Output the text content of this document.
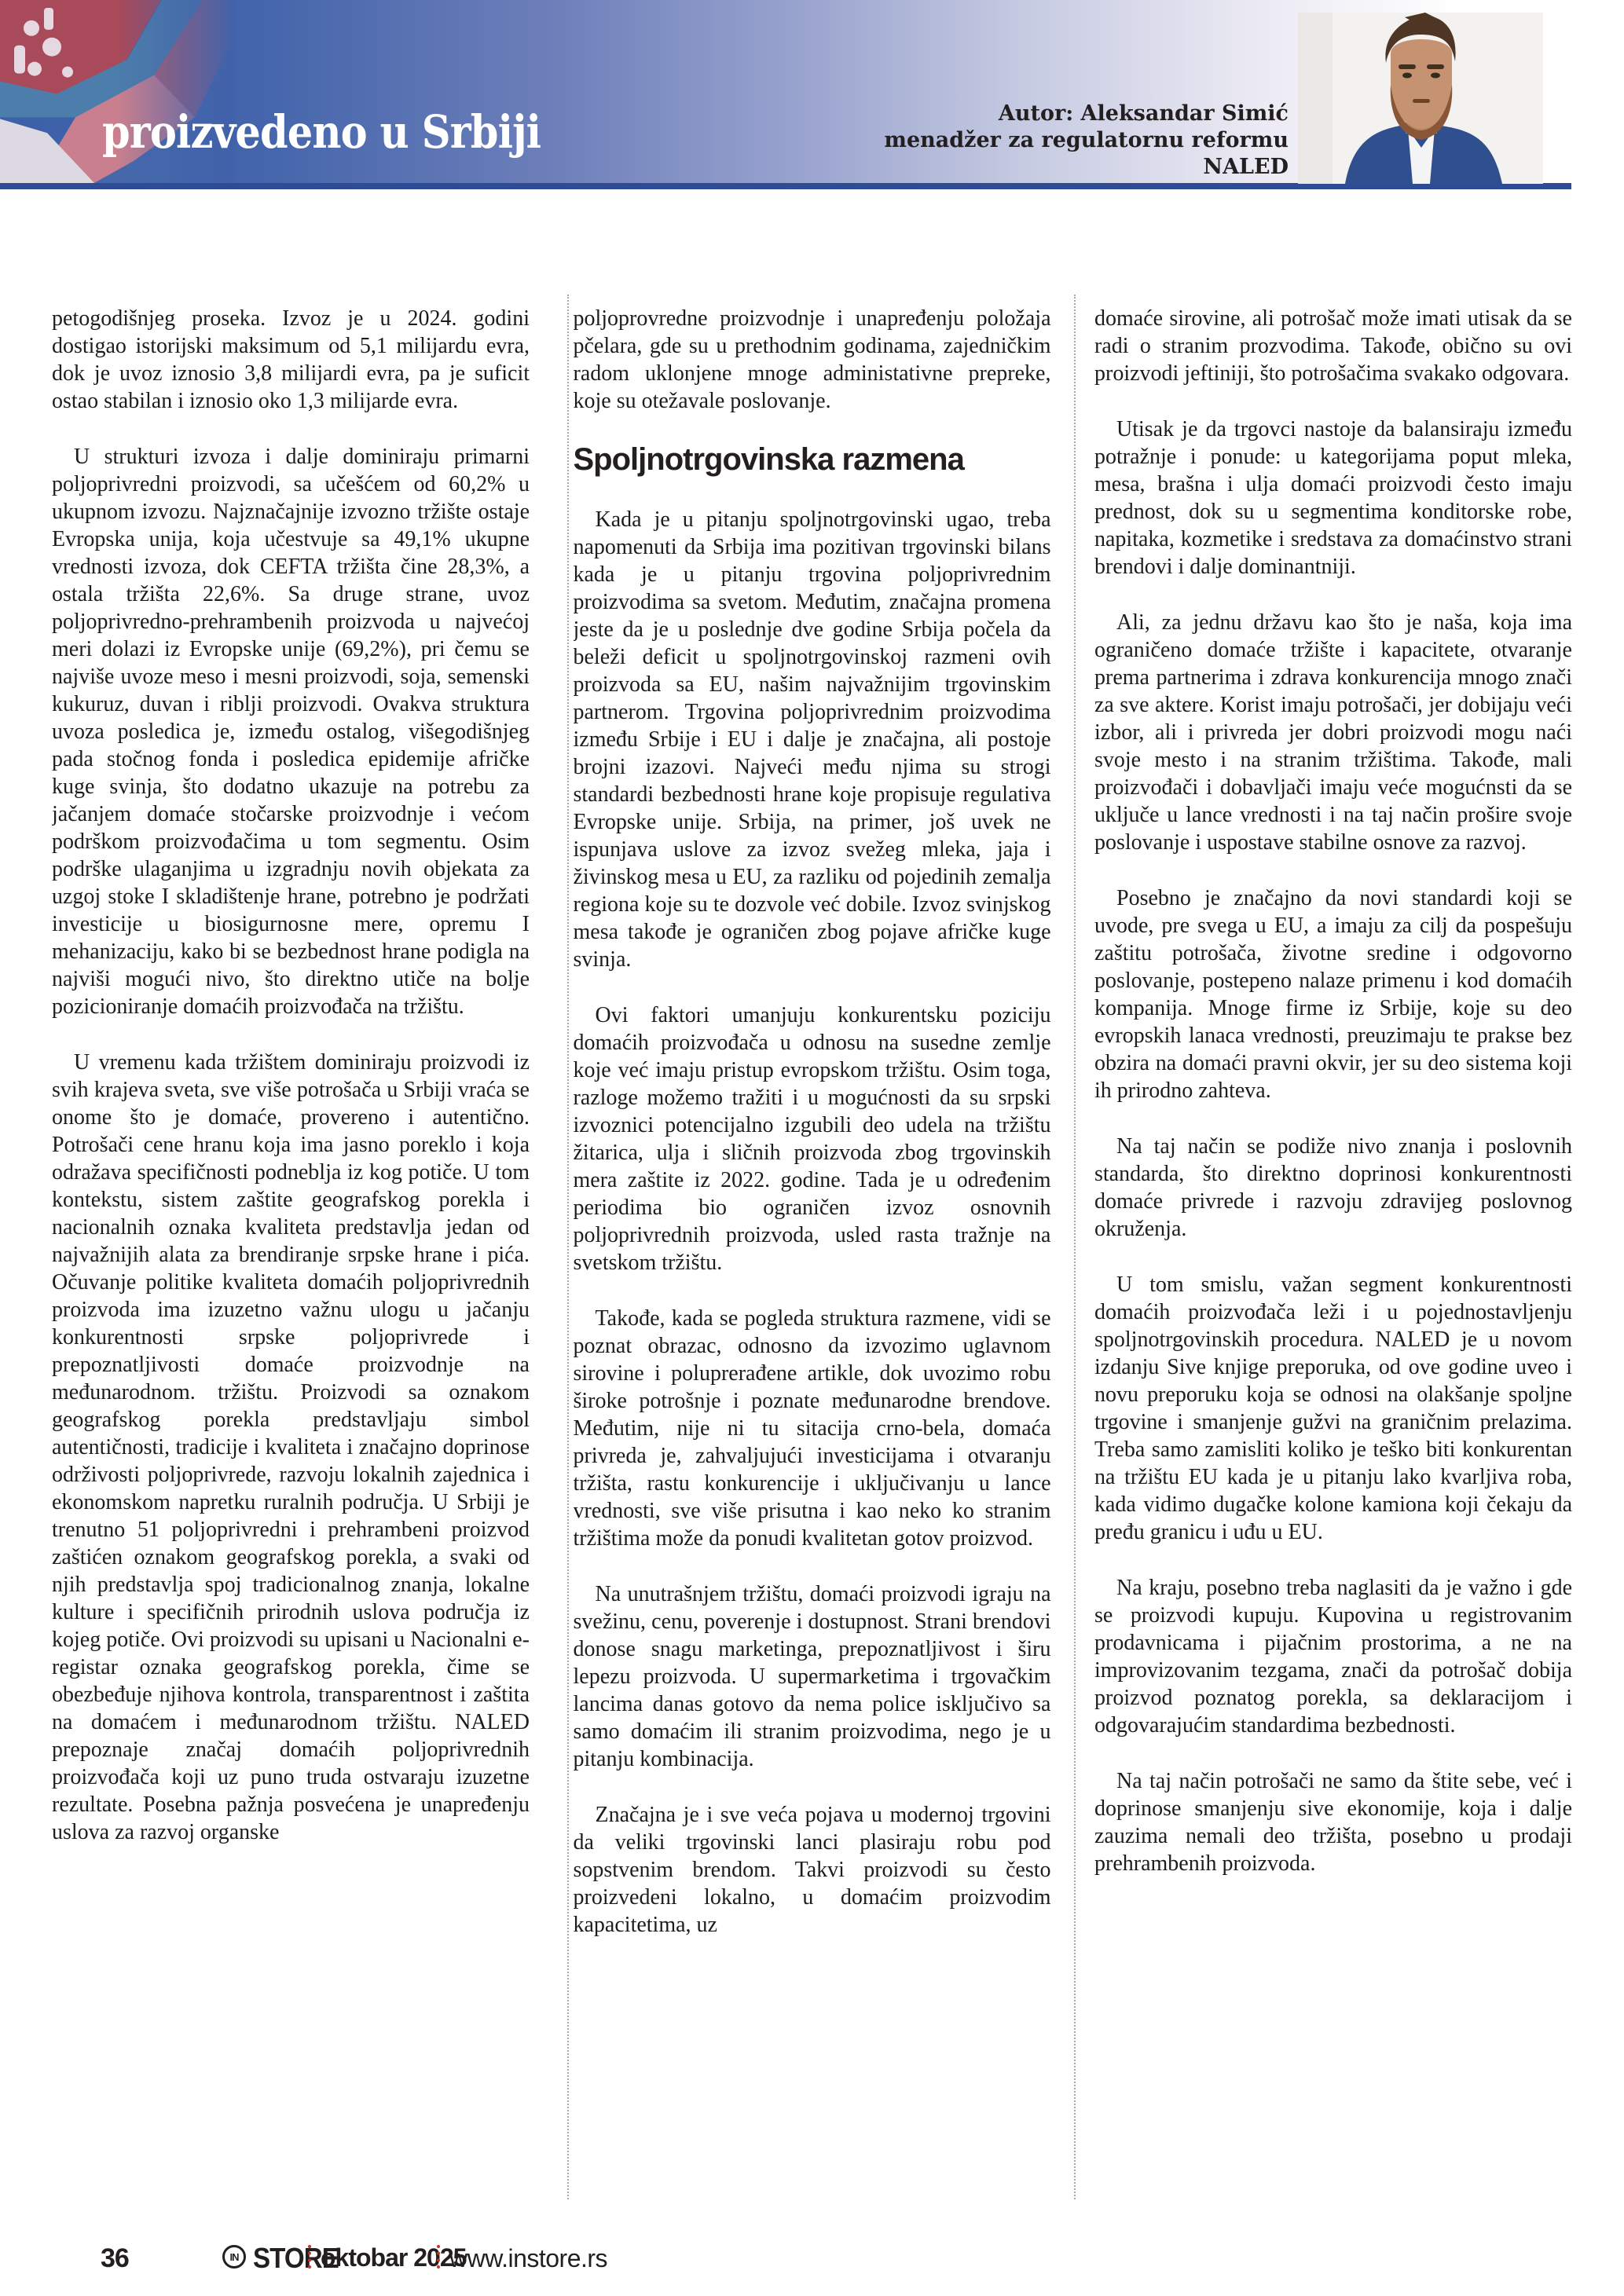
proizvedeno u Srbiji	Autor: Aleksandar Simić
menadžer za regulatornu reformu
NALED

petogodišnjeg proseka. Izvoz je u 2024. godini dostigao istorijski maksimum od 5,1 milijardu evra, dok je uvoz iznosio 3,8 milijardi evra, pa je suficit ostao stabilan i iznosio oko 1,3 milijarde evra.

U strukturi izvoza i dalje dominiraju primarni poljoprivredni proizvodi, sa učešćem od 60,2% u ukupnom izvozu. Najznačajnije izvozno tržište ostaje Evropska unija, koja učestvuje sa 49,1% ukupne vrednosti izvoza, dok CEFTA tržišta čine 28,3%, a ostala tržišta 22,6%. Sa druge strane, uvoz poljoprivredno-prehrambenih proizvoda u najvećoj meri dolazi iz Evropske unije (69,2%), pri čemu se najviše uvoze meso i mesni proizvodi, soja, semenski kukuruz, duvan i riblji proizvodi. Ovakva struktura uvoza posledica je, između ostalog, višegodišnjeg pada stočnog fonda i posledica epidemije afričke kuge svinja, što dodatno ukazuje na potrebu za jačanjem domaće stočarske proizvodnje i većom podrškom proizvođačima u tom segmentu. Osim podrške ulaganjima u izgradnju novih objekata za uzgoj stoke I skladištenje hrane, potrebno je podržati investicije u biosigurnosne mere, opremu I mehanizaciju, kako bi se bezbednost hrane podigla na najviši mogući nivo, što direktno utiče na bolje pozicioniranje domaćih proizvođača na tržištu.

U vremenu kada tržištem dominiraju proizvodi iz svih krajeva sveta, sve više potrošača u Srbiji vraća se onome što je domaće, provereno i autentično. Potrošači cene hranu koja ima jasno poreklo i koja odražava specifičnosti podneblja iz kog potiče. U tom kontekstu, sistem zaštite geografskog porekla i nacionalnih oznaka kvaliteta predstavlja jedan od najvažnijih alata za brendiranje srpske hrane i pića. Očuvanje politike kvaliteta domaćih poljoprivrednih proizvoda ima izuzetno važnu ulogu u jačanju konkurentnosti srpske poljoprivrede i prepoznatljivosti domaće proizvodnje na međunarodnom. tržištu. Proizvodi sa oznakom geografskog porekla predstavljaju simbol autentičnosti, tradicije i kvaliteta i značajno doprinose održivosti poljoprivrede, razvoju lokalnih zajednica i ekonomskom napretku ruralnih područja. U Srbiji je trenutno 51 poljoprivredni i prehrambeni proizvod zaštićen oznakom geografskog porekla, a svaki od njih predstavlja spoj tradicionalnog znanja, lokalne kulture i specifičnih prirodnih uslova područja iz kojeg potiče. Ovi proizvodi su upisani u Nacionalni e-registar oznaka geografskog porekla, čime se obezbeđuje njihova kontrola, transparentnost i zaštita na domaćem i međunarodnom tržištu. NALED prepoznaje značaj domaćih poljoprivrednih proizvođača koji uz puno truda ostvaraju izuzetne rezultate. Posebna pažnja posvećena je unapređenju uslova za razvoj organske

poljoprovredne proizvodnje i unapređenju položaja pčelara, gde su u prethodnim godinama, zajedničkim radom uklonjene mnoge administativne prepreke, koje su otežavale poslovanje.

Spoljnotrgovinska razmena

Kada je u pitanju spoljnotrgovinski ugao, treba napomenuti da Srbija ima pozitivan trgovinski bilans kada je u pitanju trgovina poljoprivrednim proizvodima sa svetom. Međutim, značajna promena jeste da je u poslednje dve godine Srbija počela da beleži deficit u spoljnotrgovinskoj razmeni ovih proizvoda sa EU, našim najvažnijim trgovinskim partnerom. Trgovina poljoprivrednim proizvodima između Srbije i EU i dalje je značajna, ali postoje brojni izazovi. Najveći među njima su strogi standardi bezbednosti hrane koje propisuje regulativa Evropske unije. Srbija, na primer, još uvek ne ispunjava uslove za izvoz svežeg mleka, jaja i živinskog mesa u EU, za razliku od pojedinih zemalja regiona koje su te dozvole već dobile. Izvoz svinjskog mesa takođe je ograničen zbog pojave afričke kuge svinja.

Ovi faktori umanjuju konkurentsku poziciju domaćih proizvođača u odnosu na susedne zemlje koje već imaju pristup evropskom tržištu. Osim toga, razloge možemo tražiti i u mogućnosti da su srpski izvoznici potencijalno izgubili deo udela na tržištu žitarica, ulja i sličnih proizvoda zbog trgovinskih mera zaštite iz 2022. godine. Tada je u određenim periodima bio ograničen izvoz osnovnih poljoprivrednih proizvoda, usled rasta tražnje na svetskom tržištu.

Takođe, kada se pogleda struktura razmene, vidi se poznat obrazac, odnosno da izvozimo uglavnom sirovine i poluprerađene artikle, dok uvozimo robu široke potrošnje i poznate međunarodne brendove. Međutim, nije ni tu sitacija crno-bela, domaća privreda je, zahvaljujući investicijama i otvaranju tržišta, rastu konkurencije i uključivanju u lance vrednosti, sve više prisutna i kao neko ko stranim tržištima može da ponudi kvalitetan gotov proizvod.

Na unutrašnjem tržištu, domaći proizvodi igraju na svežinu, cenu, poverenje i dostupnost. Strani brendovi donose snagu marketinga, prepoznatljivost i širu lepezu proizvoda. U supermarketima i trgovačkim lancima danas gotovo da nema police isključivo sa samo domaćim ili stranim proizvodima, nego je u pitanju kombinacija.

Značajna je i sve veća pojava u modernoj trgovini da veliki trgovinski lanci plasiraju robu pod sopstvenim brendom. Takvi proizvodi su često proizvedeni lokalno, u domaćim proizvodim kapacitetima, uz

domaće sirovine, ali potrošač može imati utisak da se radi o stranim prozvodima. Takođe, obično su ovi proizvodi jeftiniji, što potrošačima svakako odgovara.

Utisak je da trgovci nastoje da balansiraju između potražnje i ponude: u kategorijama poput mleka, mesa, brašna i ulja domaći proizvodi često imaju prednost, dok su u segmentima konditorske robe, napitaka, kozmetike i sredstava za domaćinstvo strani brendovi i dalje dominantniji.

Ali, za jednu državu kao što je naša, koja ima ograničeno domaće tržište i kapacitete, otvaranje prema partnerima i zdrava konkurencija mnogo znači za sve aktere. Korist imaju potrošači, jer dobijaju veći izbor, ali i privreda jer dobri proizvodi mogu naći svoje mesto i na stranim tržištima. Takođe, mali proizvođači i dobavljači imaju veće mogućnsti da se uključe u lance vrednosti i na taj način prošire svoje poslovanje i uspostave stabilne osnove za razvoj.

Posebno je značajno da novi standardi koji se uvode, pre svega u EU, a imaju za cilj da pospešuju zaštitu potrošača, životne sredine i odgovorno poslovanje, postepeno nalaze primenu i kod domaćih kompanija. Mnoge firme iz Srbije, koje su deo evropskih lanaca vrednosti, preuzimaju te prakse bez obzira na domaći pravni okvir, jer su deo sistema koji ih prirodno zahteva.

Na taj način se podiže nivo znanja i poslovnih standarda, što direktno doprinosi konkurentnosti domaće privrede i razvoju zdravijeg poslovnog okruženja.

U tom smislu, važan segment konkurentnosti domaćih proizvođača leži i u pojednostavljenju spoljnotrgovinskih procedura. NALED je u novom izdanju Sive knjige preporuka, od ove godine uveo i novu preporuku koja se odnosi na olakšanje spoljne trgovine i smanjenje gužvi na graničnim prelazima. Treba samo zamisliti koliko je teško biti konkurentan na tržištu EU kada je u pitanju lako kvarljiva roba, kada vidimo dugačke kolone kamiona koji čekaju da pređu granicu i uđu u EU.

Na kraju, posebno treba naglasiti da je važno i gde se proizvodi kupuju. Kupovina u registrovanim prodavnicama i pijačnim prostorima, a ne na improvizovanim tezgama, znači da potrošač dobija proizvod poznatog porekla, sa deklaracijom i odgovarajućim standardima bezbednosti.

Na taj način potrošači ne samo da štite sebe, već i doprinose smanjenju sive ekonomije, koja i dalje zauzima nemali deo tržišta, posebno u prodaji prehrambenih proizvoda.

36	IN STORE
oktobar 2025
www.instore.rs
